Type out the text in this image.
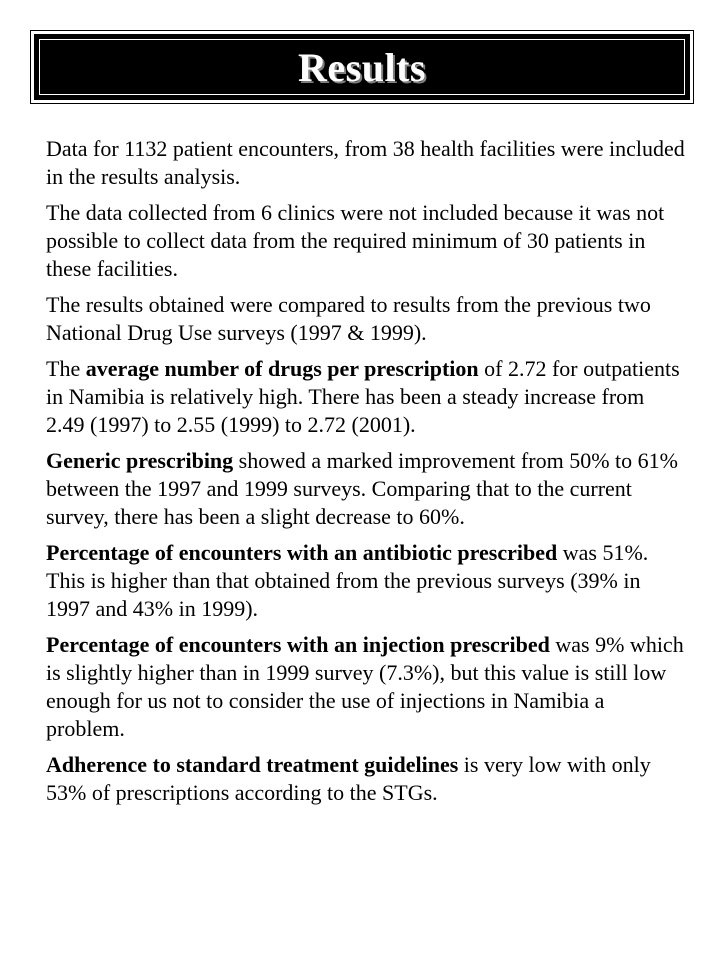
Results

Data for 1132 patient encounters, from 38 health facilities were included in the results analysis.

The data collected from 6 clinics were not included because it was not possible to collect data from the required minimum of 30 patients in these facilities.

The results obtained were compared to results from the previous two National Drug Use surveys (1997 & 1999).

The average number of drugs per prescription of 2.72 for outpatients in Namibia is relatively high. There has been a steady increase from 2.49 (1997) to 2.55 (1999) to 2.72 (2001).

Generic prescribing showed a marked improvement from 50% to 61% between the 1997 and 1999 surveys. Comparing that to the current survey, there has been a slight decrease to 60%.

Percentage of encounters with an antibiotic prescribed was 51%. This is higher than that obtained from the previous surveys (39% in 1997 and 43% in 1999).

Percentage of encounters with an injection prescribed was 9% which is slightly higher than in 1999 survey (7.3%), but this value is still low enough for us not to consider the use of injections in Namibia a problem.

Adherence to standard treatment guidelines is very low with only 53% of prescriptions according to the STGs.
